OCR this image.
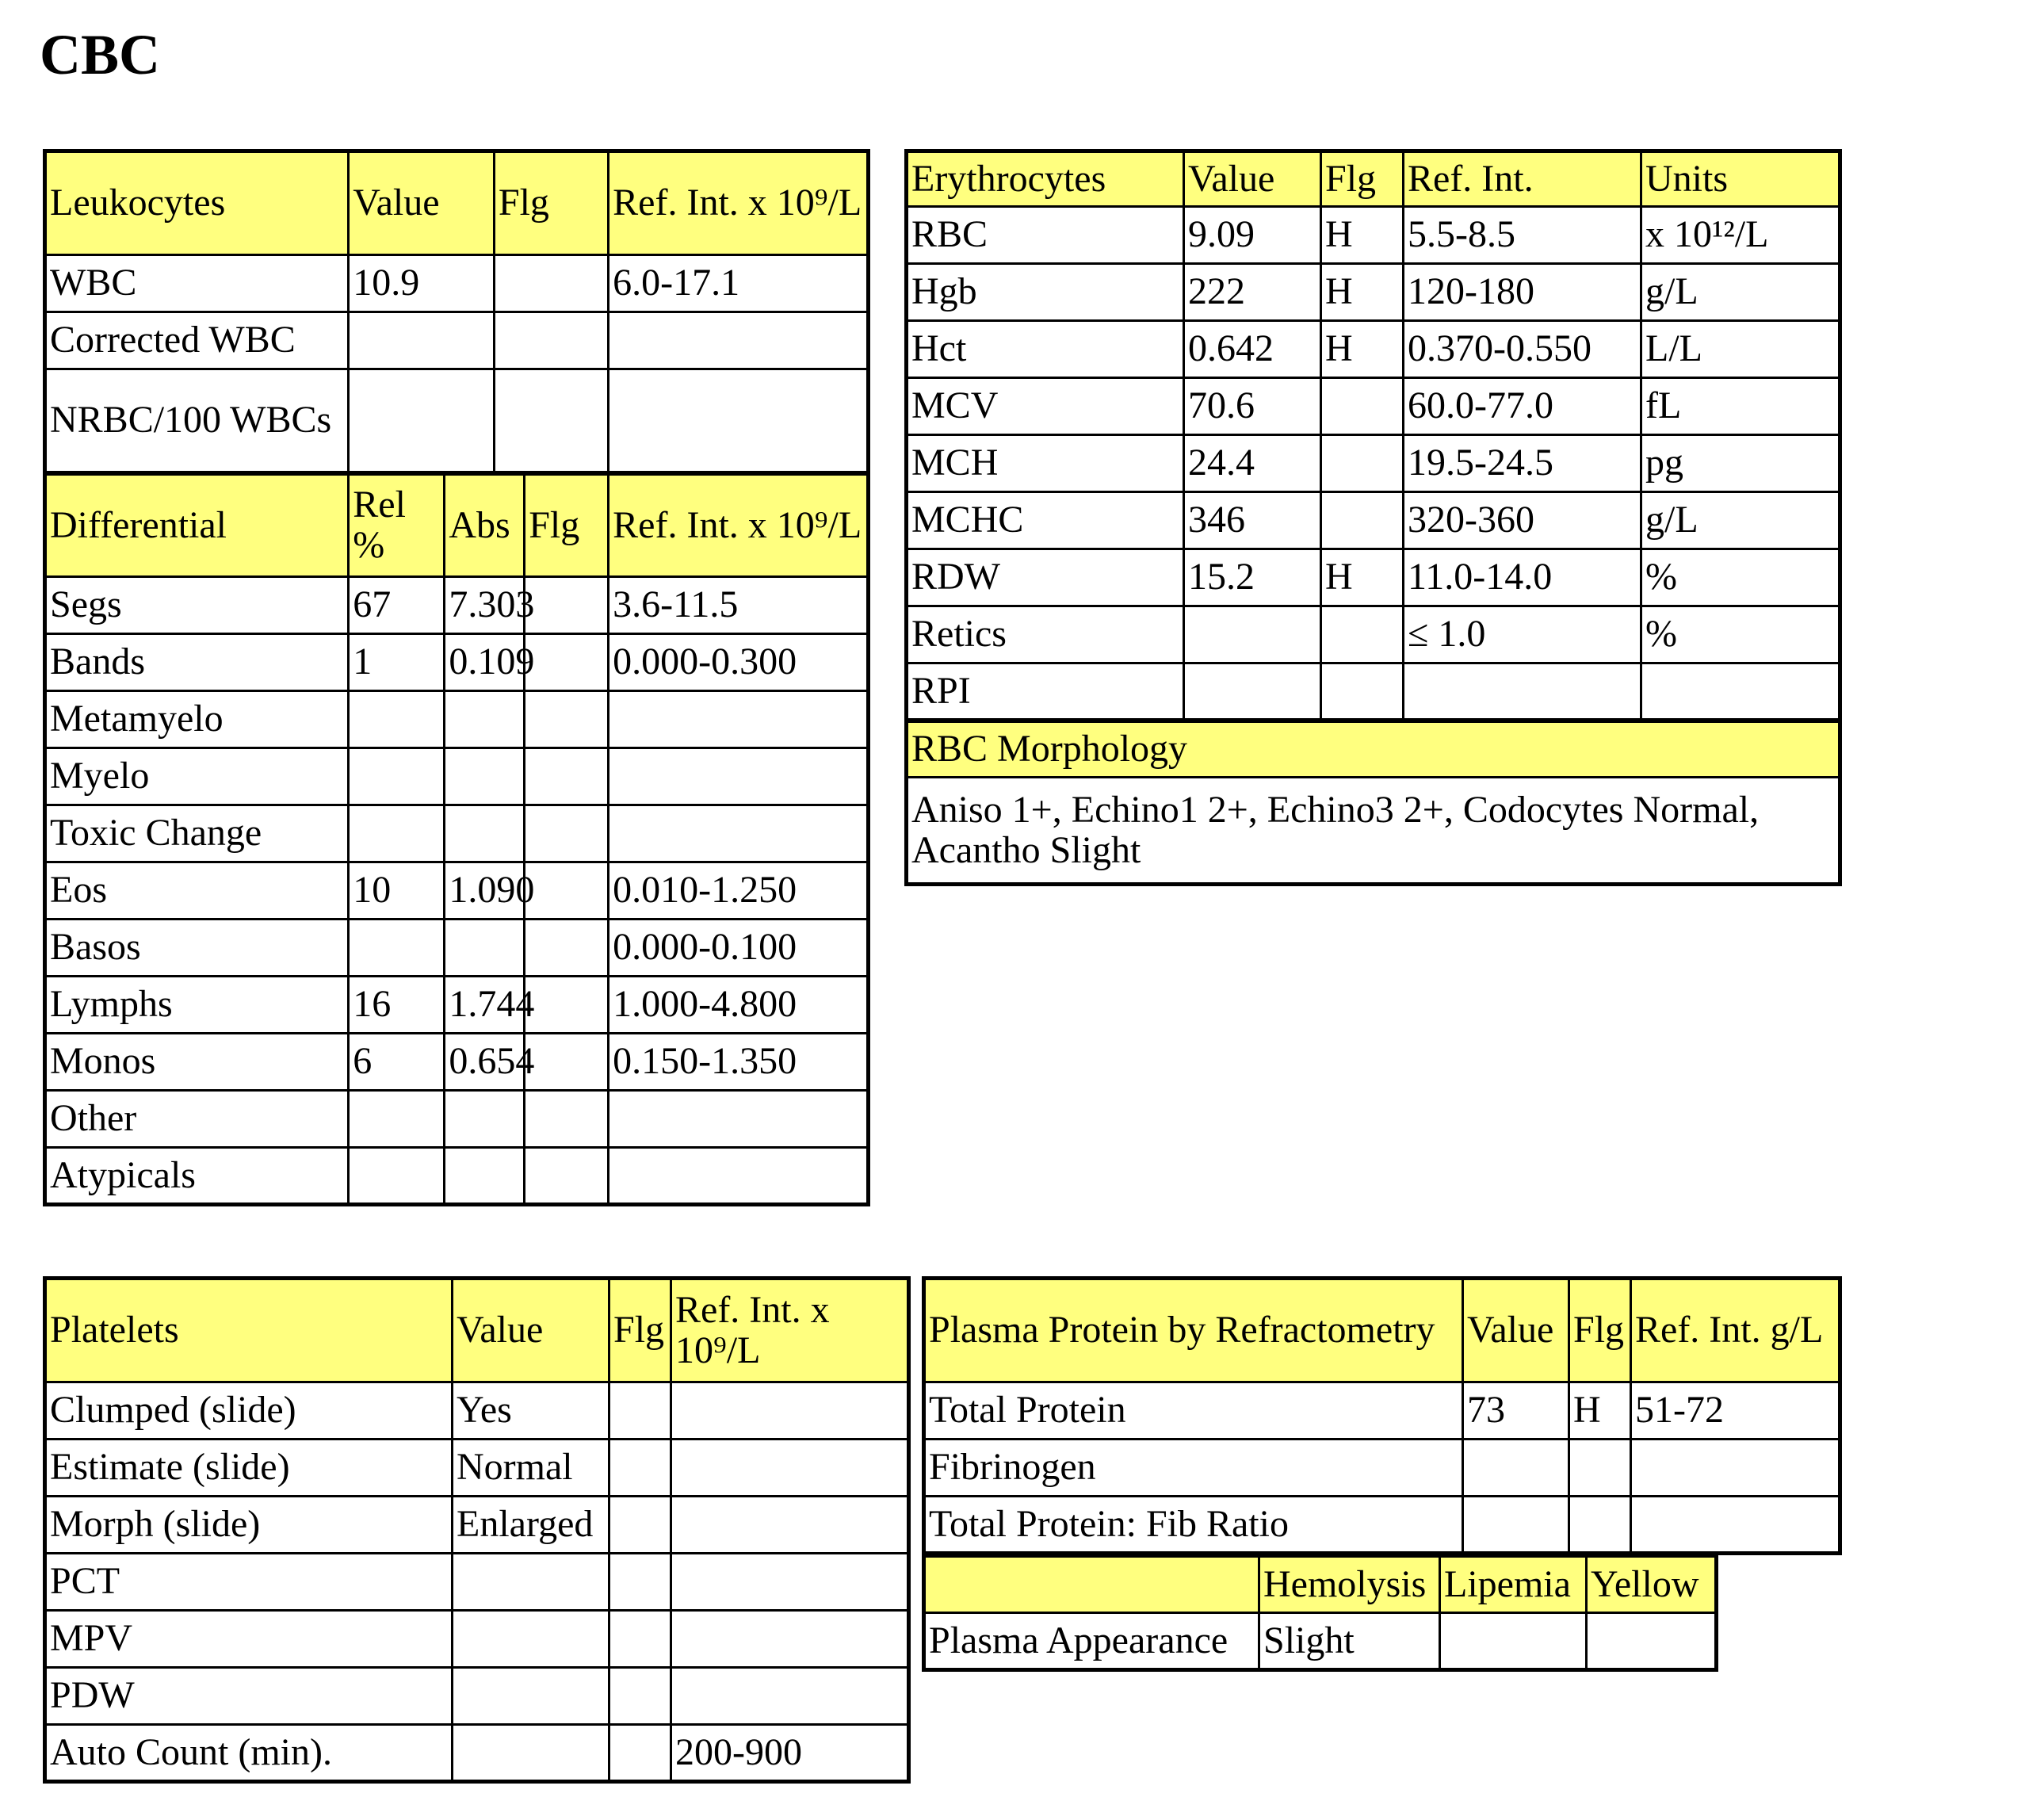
CBC
Leukocytes	Value		Flg		Ref. Int. x 10⁹/L
WBC	10.9				6.0-17.1
Corrected WBC					
NRBC/100 WBCs					
Differential	Rel %	Abs		Flg	Ref. Int. x 10⁹/L
Segs	67	7.303			3.6-11.5
Bands	1	0.109			0.000-0.300
Metamyelo					
Myelo					
Toxic Change					
Eos	10	1.090			0.010-1.250
Basos					0.000-0.100
Lymphs	16	1.744			1.000-4.800
Monos	6	0.654			0.150-1.350
Other					
Atypicals					
Erythrocytes	Value	Flg	Ref. Int.	Units
RBC	9.09	H	5.5-8.5	x 10¹²/L
Hgb	222	H	120-180	g/L
Hct	0.642	H	0.370-0.550	L/L
MCV	70.6		60.0-77.0	fL
MCH	24.4		19.5-24.5	pg
MCHC	346		320-360	g/L
RDW	15.2	H	11.0-14.0	%
Retics			≤ 1.0	%
RPI				
RBC Morphology				
Aniso 1+, Echino1 2+, Echino3 2+, Codocytes Normal, Acantho Slight				
Platelets	Value	Flg	Ref. Int. x 10⁹/L
Clumped (slide)	Yes		
Estimate (slide)	Normal		
Morph (slide)	Enlarged		
PCT			
MPV			
PDW			
Auto Count (min).			200-900
Plasma Protein by Refractometry	Value	Flg	Ref. Int. g/L
Total Protein	73	H	51-72
Fibrinogen			
Total Protein: Fib Ratio			
	Hemolysis	Lipemia	Yellow
Plasma Appearance	Slight		
